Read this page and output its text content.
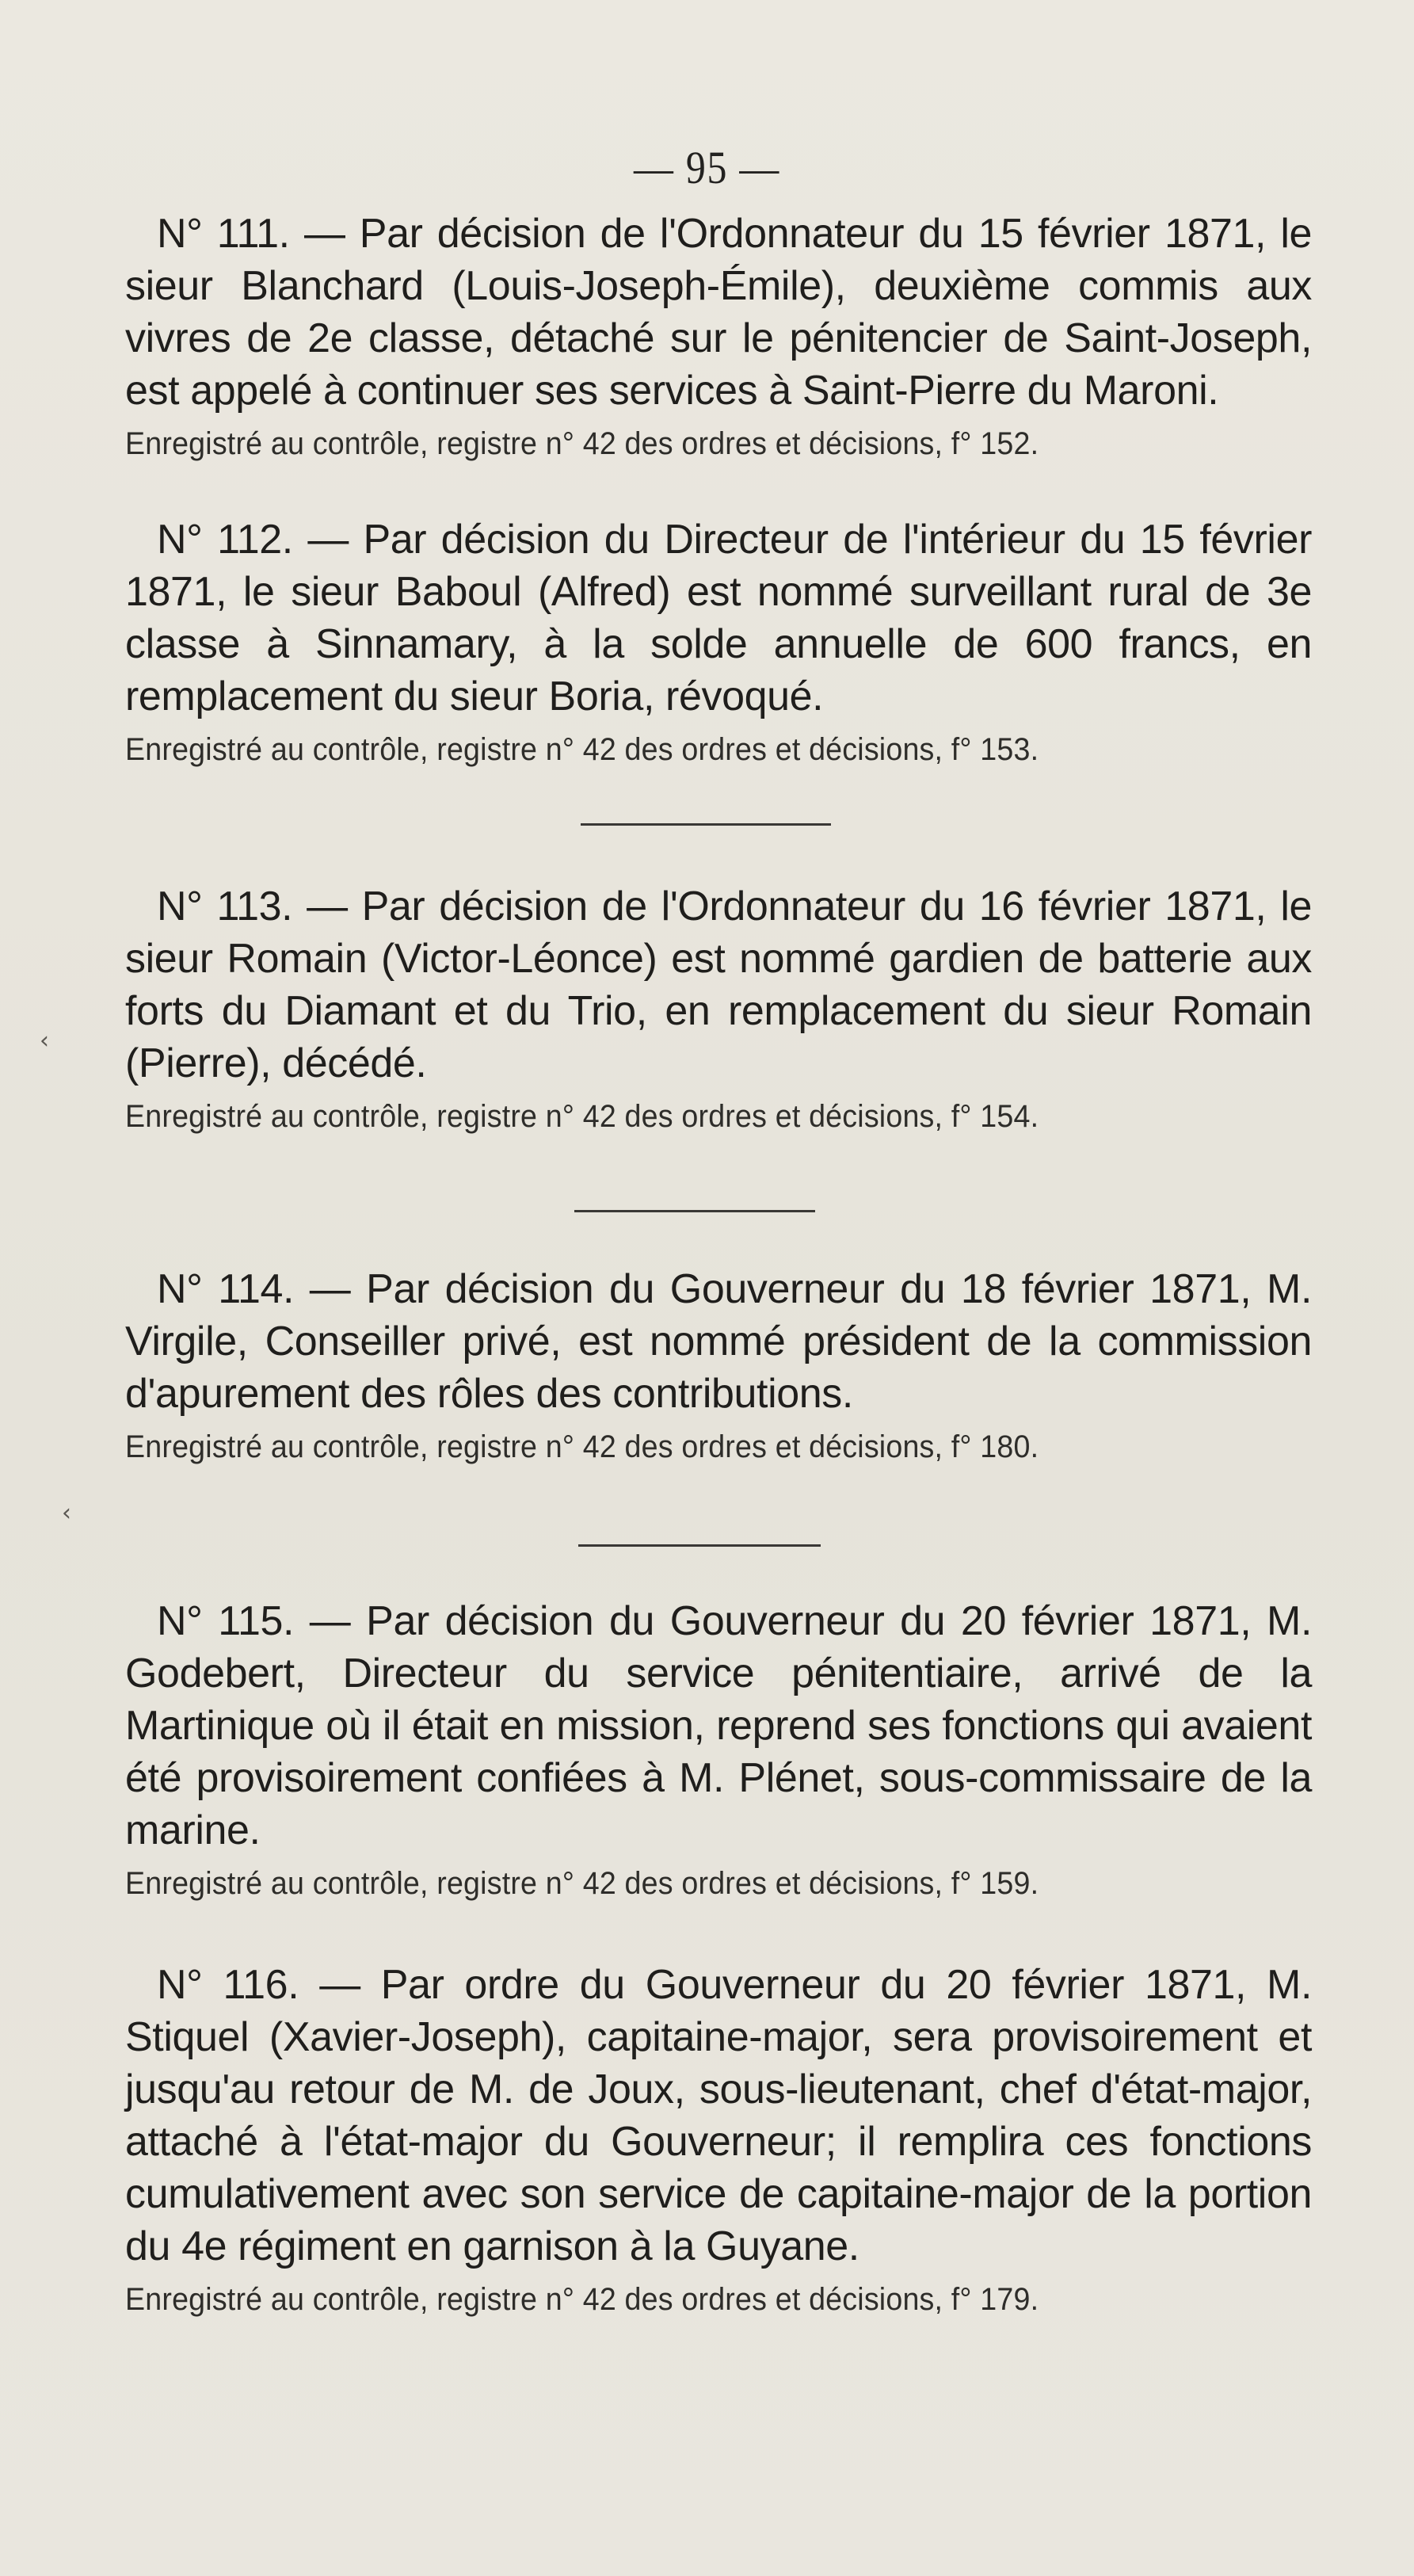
— 95 —

N° 111. — Par décision de l'Ordonnateur du 15 février 1871, le sieur Blanchard (Louis-Joseph-Émile), deuxième commis aux vivres de 2e classe, détaché sur le pénitencier de Saint-Joseph, est appelé à continuer ses services à Saint-Pierre du Maroni.

Enregistré au contrôle, registre n° 42 des ordres et décisions, f° 152.

N° 112. — Par décision du Directeur de l'intérieur du 15 février 1871, le sieur Baboul (Alfred) est nommé surveillant rural de 3e classe à Sinnamary, à la solde annuelle de 600 francs, en remplacement du sieur Boria, révoqué.

Enregistré au contrôle, registre n° 42 des ordres et décisions, f° 153.

N° 113. — Par décision de l'Ordonnateur du 16 février 1871, le sieur Romain (Victor-Léonce) est nommé gardien de batterie aux forts du Diamant et du Trio, en remplacement du sieur Romain (Pierre), décédé.

Enregistré au contrôle, registre n° 42 des ordres et décisions, f° 154.

‹

N° 114. — Par décision du Gouverneur du 18 février 1871, M. Virgile, Conseiller privé, est nommé président de la commission d'apurement des rôles des contributions.

Enregistré au contrôle, registre n° 42 des ordres et décisions, f° 180.

‹

N° 115. — Par décision du Gouverneur du 20 février 1871, M. Godebert, Directeur du service pénitentiaire, arrivé de la Martinique où il était en mission, reprend ses fonctions qui avaient été provisoirement confiées à M. Plénet, sous-commissaire de la marine.

Enregistré au contrôle, registre n° 42 des ordres et décisions, f° 159.

N° 116. — Par ordre du Gouverneur du 20 février 1871, M. Stiquel (Xavier-Joseph), capitaine-major, sera provisoirement et jusqu'au retour de M. de Joux, sous-lieutenant, chef d'état-major, attaché à l'état-major du Gouverneur; il remplira ces fonctions cumulativement avec son service de capitaine-major de la portion du 4e régiment en garnison à la Guyane.

Enregistré au contrôle, registre n° 42 des ordres et décisions, f° 179.
